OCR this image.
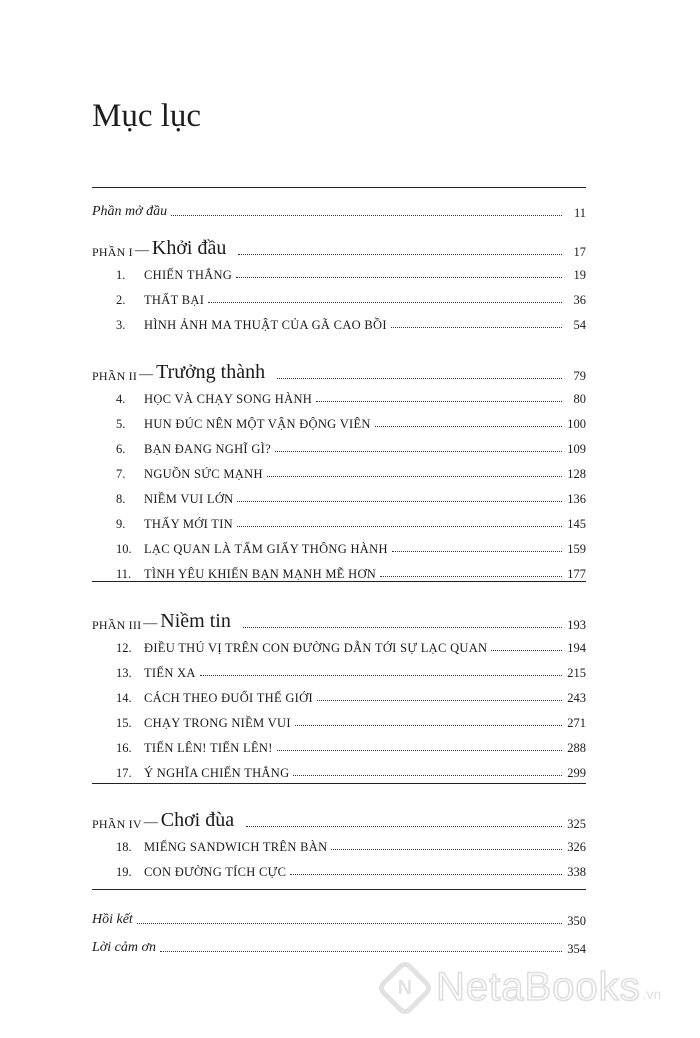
Mục lục
Phần mở đầu	11
PHẦN I — Khởi đầu	17
1.	CHIẾN THẮNG	19
2.	THẤT BẠI	36
3.	HÌNH ẢNH MA THUẬT CỦA GÃ CAO BỒI	54
PHẦN II — Trưởng thành	79
4.	HỌC VÀ CHẠY SONG HÀNH	80
5.	HUN ĐÚC NÊN MỘT VẬN ĐỘNG VIÊN	100
6.	BẠN ĐANG NGHĨ GÌ?	109
7.	NGUỒN SỨC MẠNH	128
8.	NIỀM VUI LỚN	136
9.	THẤY MỚI TIN	145
10. LẠC QUAN LÀ TẤM GIẤY THÔNG HÀNH	159
11.	TÌNH YÊU KHIẾN BẠN MẠNH MẼ HƠN	177
PHẦN III — Niềm tin	193
12. ĐIỀU THÚ VỊ TRÊN CON ĐƯỜNG DẪN TỚI SỰ LẠC QUAN	194
13. TIẾN XA	215
14. CÁCH THEO ĐUỔI THẾ GIỚI	243
15. CHẠY TRONG NIỀM VUI	271
16. TIẾN LÊN! TIẾN LÊN!	288
17. Ý NGHĨA CHIẾN THẮNG	299
PHẦN IV — Chơi đùa	325
18. MIẾNG SANDWICH TRÊN BÀN	326
19. CON ĐƯỜNG TÍCH CỰC	338
Hồi kết	350
Lời cảm ơn	354
N NetaBooks .vn
